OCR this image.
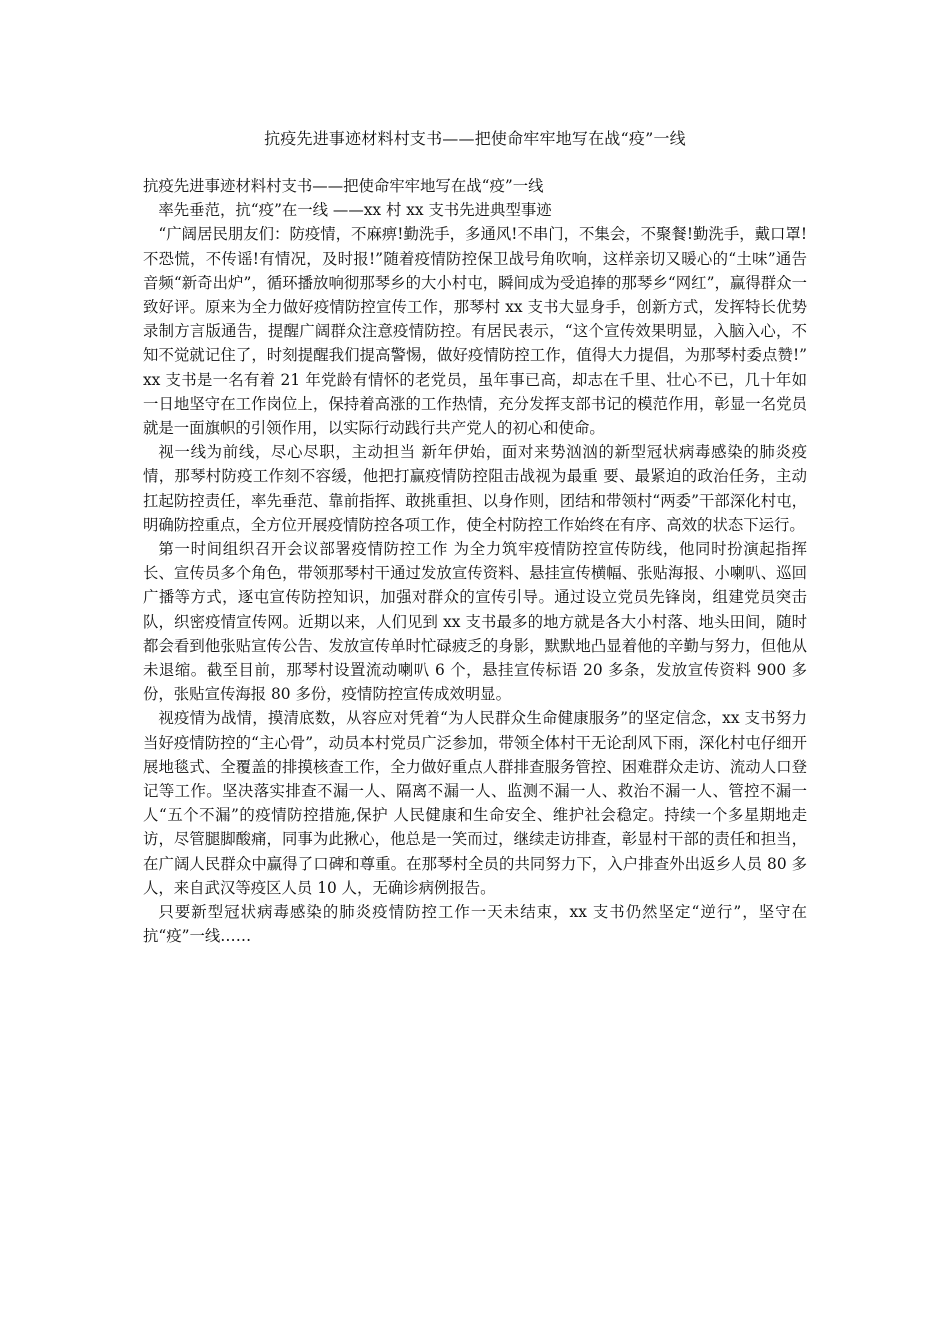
抗疫先进事迹材料村支书——把使命牢牢地写在战“疫”一线

抗疫先进事迹材料村支书——把使命牢牢地写在战“疫”一线

率先垂范，抗“疫”在一线 ——xx 村 xx 支书先进典型事迹

“广阔居民朋友们：防疫情，不麻痹!勤洗手，多通风!不串门，不集会，不聚餐!勤洗手，戴口罩!不恐慌，不传谣!有情况，及时报!”随着疫情防控保卫战号角吹响，这样亲切又暖心的“土味”通告音频“新奇出炉”，循环播放响彻那琴乡的大小村屯，瞬间成为受追捧的那琴乡“网红”，赢得群众一致好评。原来为全力做好疫情防控宣传工作，那琴村 xx 支书大显身手，创新方式，发挥特长优势录制方言版通告，提醒广阔群众注意疫情防控。有居民表示，“这个宣传效果明显，入脑入心，不知不觉就记住了，时刻提醒我们提高警惕，做好疫情防控工作，值得大力提倡，为那琴村委点赞!” xx 支书是一名有着 21 年党龄有情怀的老党员，虽年事已高，却志在千里、壮心不已，几十年如一日地坚守在工作岗位上，保持着高涨的工作热情，充分发挥支部书记的模范作用，彰显一名党员就是一面旗帜的引领作用，以实际行动践行共产党人的初心和使命。

视一线为前线，尽心尽职，主动担当 新年伊始，面对来势汹汹的新型冠状病毒感染的肺炎疫情，那琴村防疫工作刻不容缓，他把打赢疫情防控阻击战视为最重 要、最紧迫的政治任务，主动扛起防控责任，率先垂范、靠前指挥、敢挑重担、以身作则，团结和带领村“两委”干部深化村屯，明确防控重点，全方位开展疫情防控各项工作，使全村防控工作始终在有序、高效的状态下运行。

第一时间组织召开会议部署疫情防控工作 为全力筑牢疫情防控宣传防线，他同时扮演起指挥长、宣传员多个角色，带领那琴村干通过发放宣传资料、悬挂宣传横幅、张贴海报、小喇叭、巡回广播等方式，逐屯宣传防控知识，加强对群众的宣传引导。通过设立党员先锋岗，组建党员突击队，织密疫情宣传网。近期以来，人们见到 xx 支书最多的地方就是各大小村落、地头田间，随时都会看到他张贴宣传公告、发放宣传单时忙碌疲乏的身影，默默地凸显着他的辛勤与努力，但他从未退缩。截至目前，那琴村设置流动喇叭 6 个，悬挂宣传标语 20 多条，发放宣传资料 900 多份，张贴宣传海报 80 多份，疫情防控宣传成效明显。

视疫情为战情，摸清底数，从容应对凭着“为人民群众生命健康服务”的坚定信念，xx 支书努力当好疫情防控的“主心骨”，动员本村党员广泛参加，带领全体村干无论刮风下雨，深化村屯仔细开展地毯式、全覆盖的排摸核查工作，全力做好重点人群排查服务管控、困难群众走访、流动人口登记等工作。坚决落实排查不漏一人、隔离不漏一人、监测不漏一人、救治不漏一人、管控不漏一人“五个不漏”的疫情防控措施,保护 人民健康和生命安全、维护社会稳定。持续一个多星期地走访，尽管腿脚酸痛，同事为此揪心，他总是一笑而过，继续走访排查，彰显村干部的责任和担当，在广阔人民群众中赢得了口碑和尊重。在那琴村全员的共同努力下，入户排查外出返乡人员 80 多人，来自武汉等疫区人员 10 人，无确诊病例报告。

只要新型冠状病毒感染的肺炎疫情防控工作一天未结束，xx 支书仍然坚定“逆行”，坚守在抗“疫”一线……
